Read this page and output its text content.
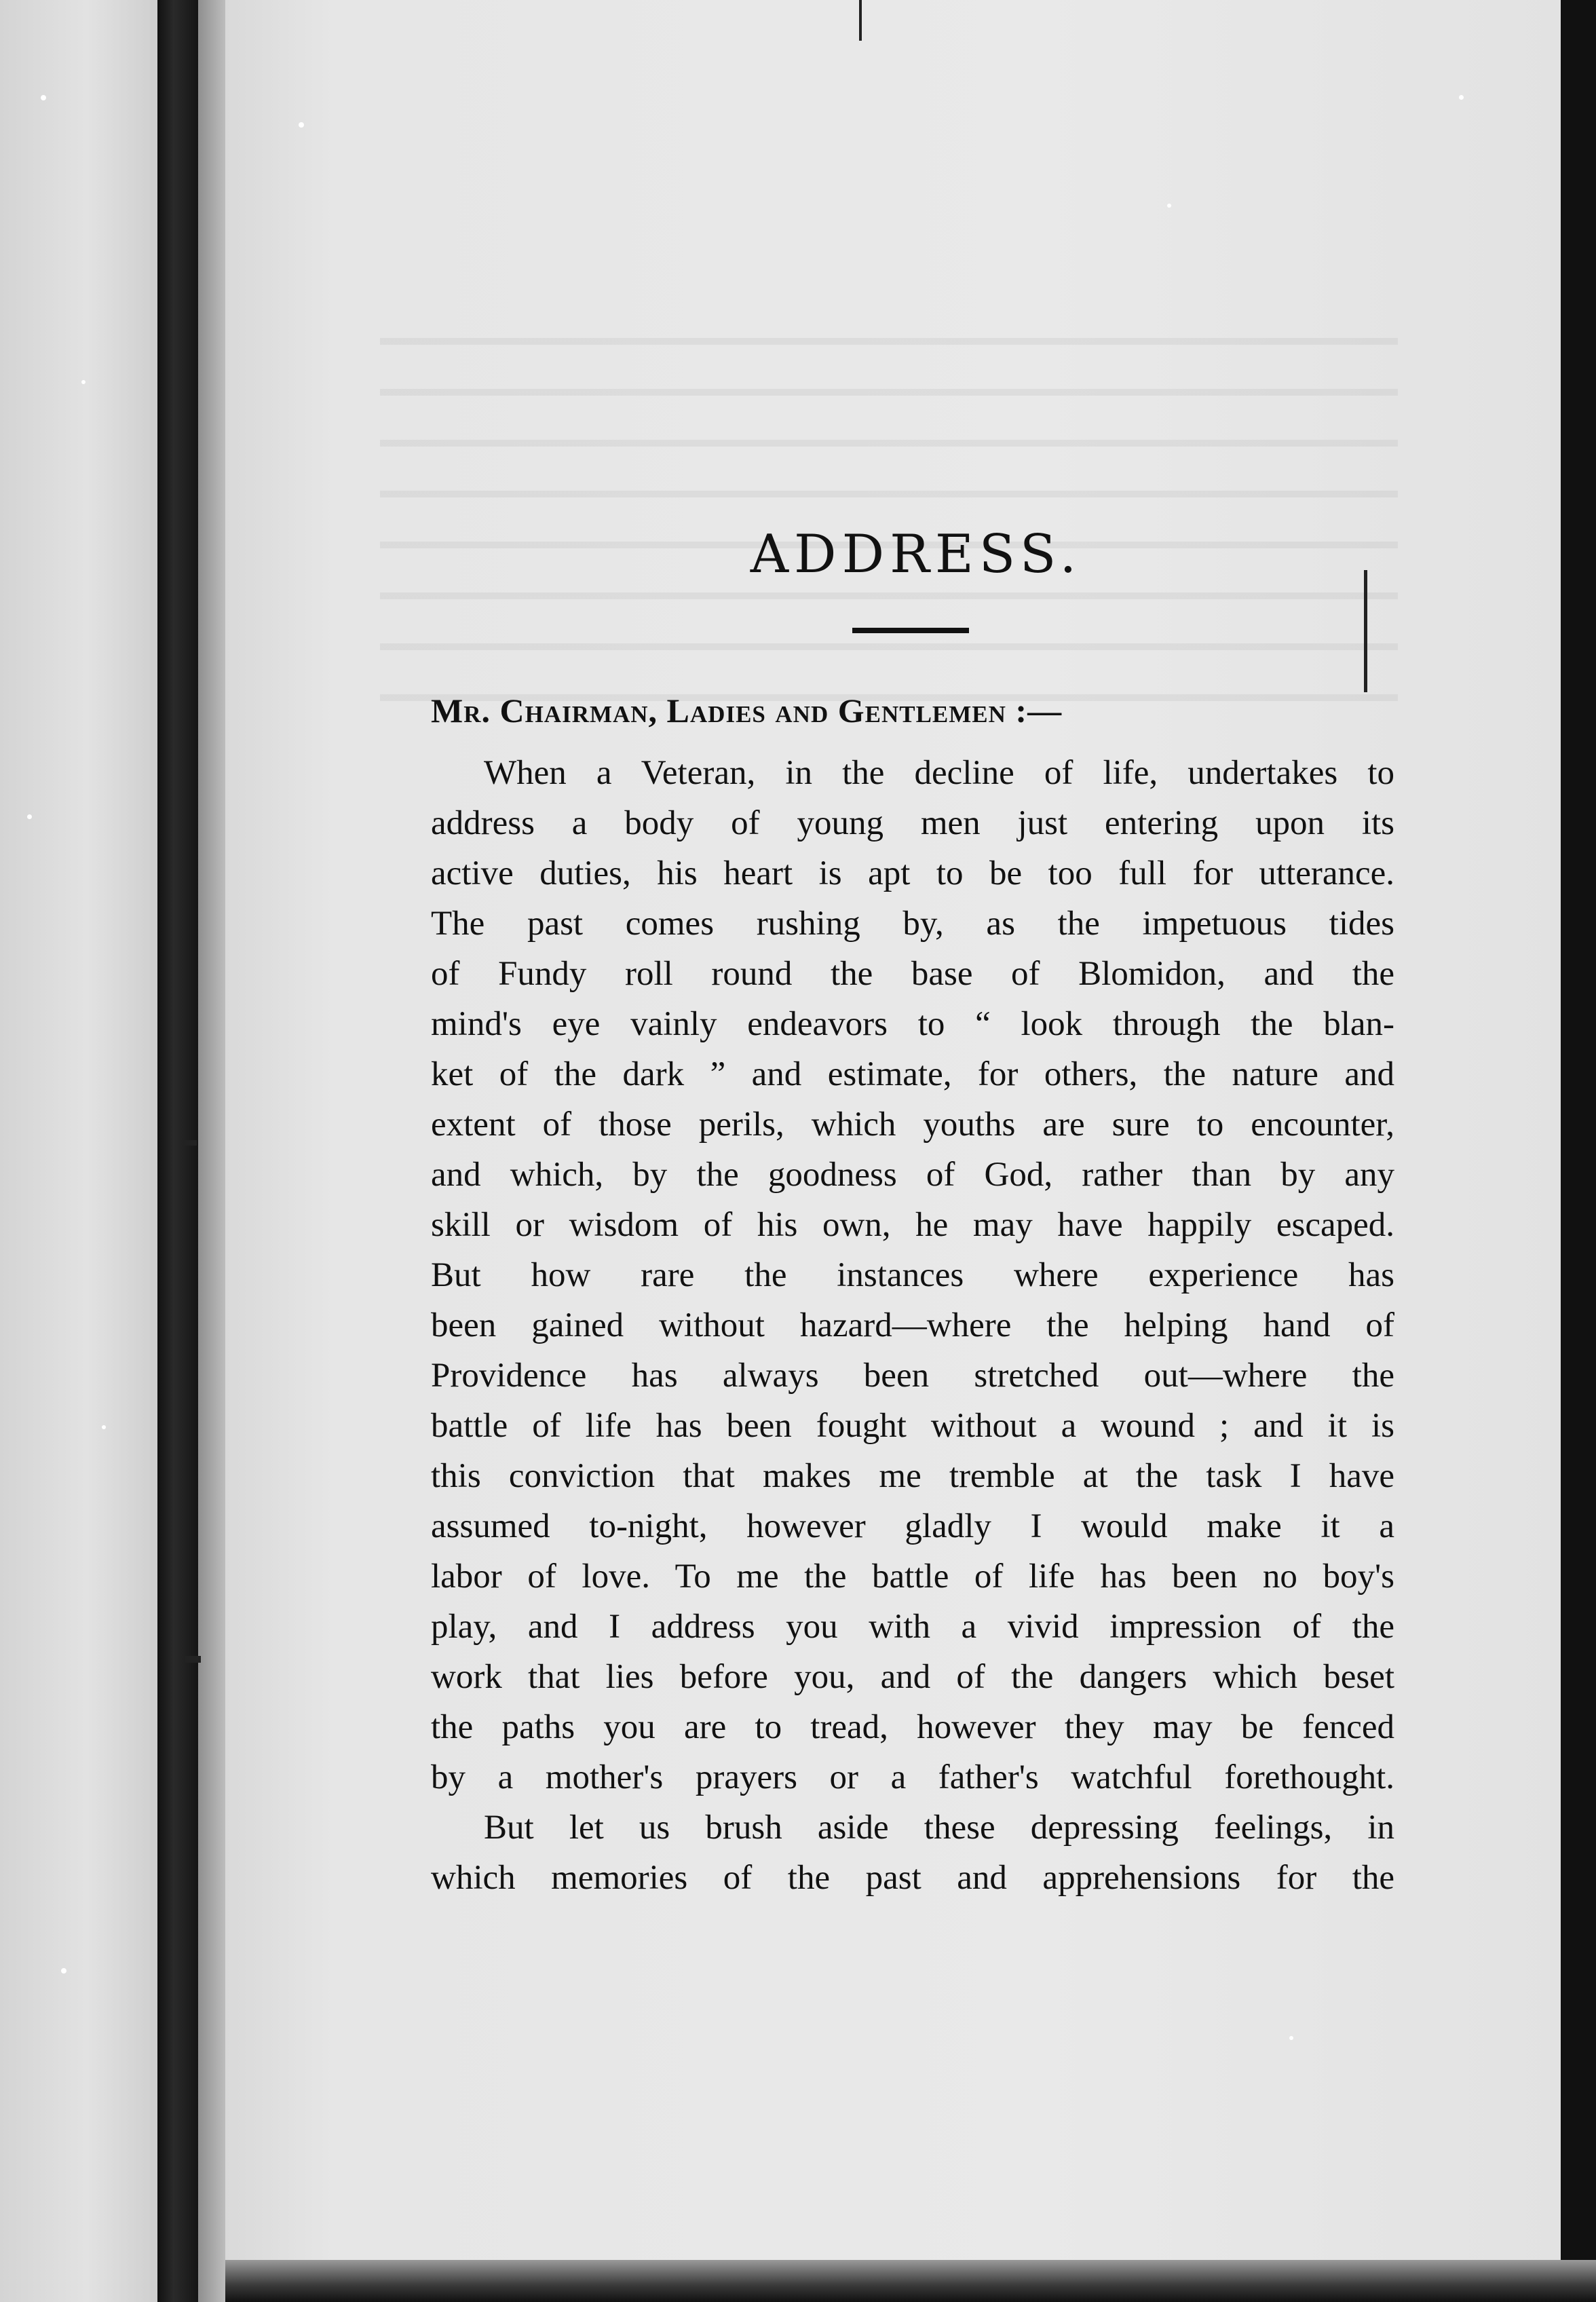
ADDRESS.
Mr. Chairman, Ladies and Gentlemen :—
When a Veteran, in the decline of life, undertakes to
address a body of young men just entering upon its
active duties, his heart is apt to be too full for utterance.
The past comes rushing by, as the impetuous tides
of Fundy roll round the base of Blomidon, and the
mind's eye vainly endeavors to “ look through the blan-
ket of the dark ” and estimate, for others, the nature and
extent of those perils, which youths are sure to encounter,
and which, by the goodness of God, rather than by any
skill or wisdom of his own, he may have happily escaped.
But how rare the instances where experience has
been gained without hazard—where the helping hand of
Providence has always been stretched out—where the
battle of life has been fought without a wound ; and it is
this conviction that makes me tremble at the task I have
assumed to-night, however gladly I would make it a
labor of love. To me the battle of life has been no boy's
play, and I address you with a vivid impression of the
work that lies before you, and of the dangers which beset
the paths you are to tread, however they may be fenced
by a mother's prayers or a father's watchful forethought.
But let us brush aside these depressing feelings, in
which memories of the past and apprehensions for the
